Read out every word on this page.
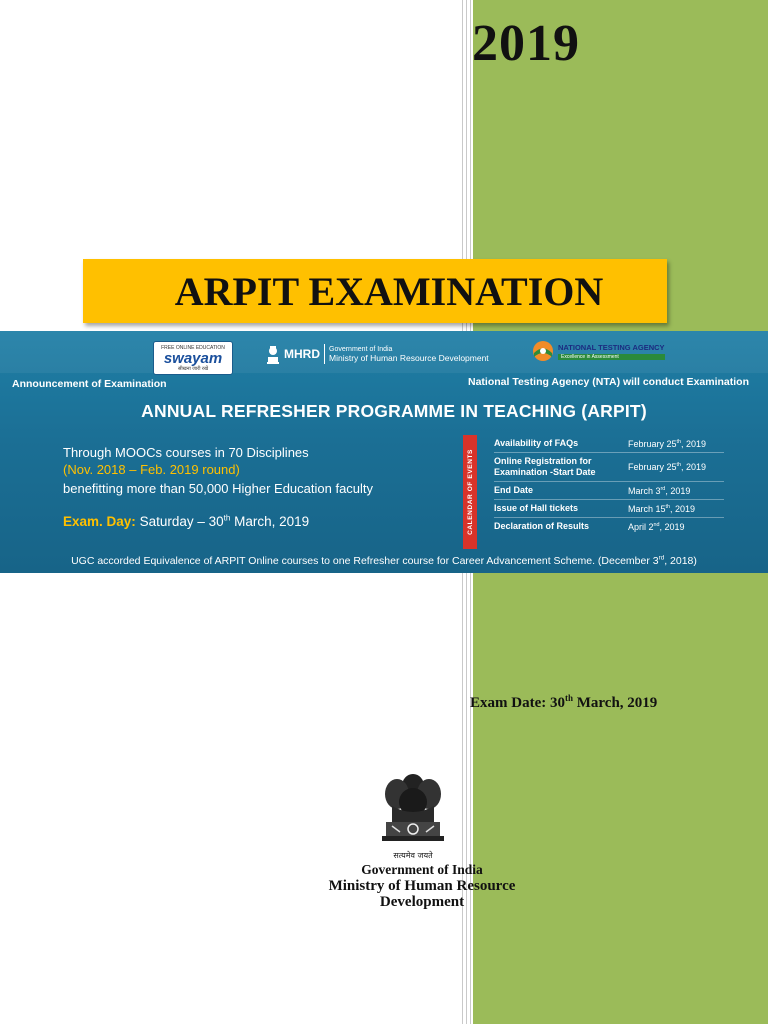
2019
ARPIT EXAMINATION
FREE ONLINE EDUCATION
swayam
सीखना जारी रखें
MHRD Government of India
Ministry of Human Resource Development
NATIONAL TESTING AGENCY
Excellence in Assessment
Announcement of Examination	National Testing Agency (NTA) will conduct Examination
ANNUAL REFRESHER PROGRAMME IN TEACHING (ARPIT)
Through MOOCs courses in 70 Disciplines
(Nov. 2018 – Feb. 2019 round)
benefitting more than 50,000 Higher Education faculty
Exam. Day: Saturday – 30th March, 2019	CALENDAR OF EVENTS
Availability of FAQs	February 25th, 2019
Online Registration for Examination -Start Date	February 25th, 2019
End Date	March 3rd, 2019
Issue of Hall tickets	March 15th, 2019
Declaration of Results	April 2nd, 2019
UGC accorded Equivalence of ARPIT Online courses to one Refresher course for Career Advancement Scheme. (December 3rd, 2018)
Exam Date: 30th March, 2019
सत्यमेव जयते
Government of India
Ministry of Human Resource
Development
